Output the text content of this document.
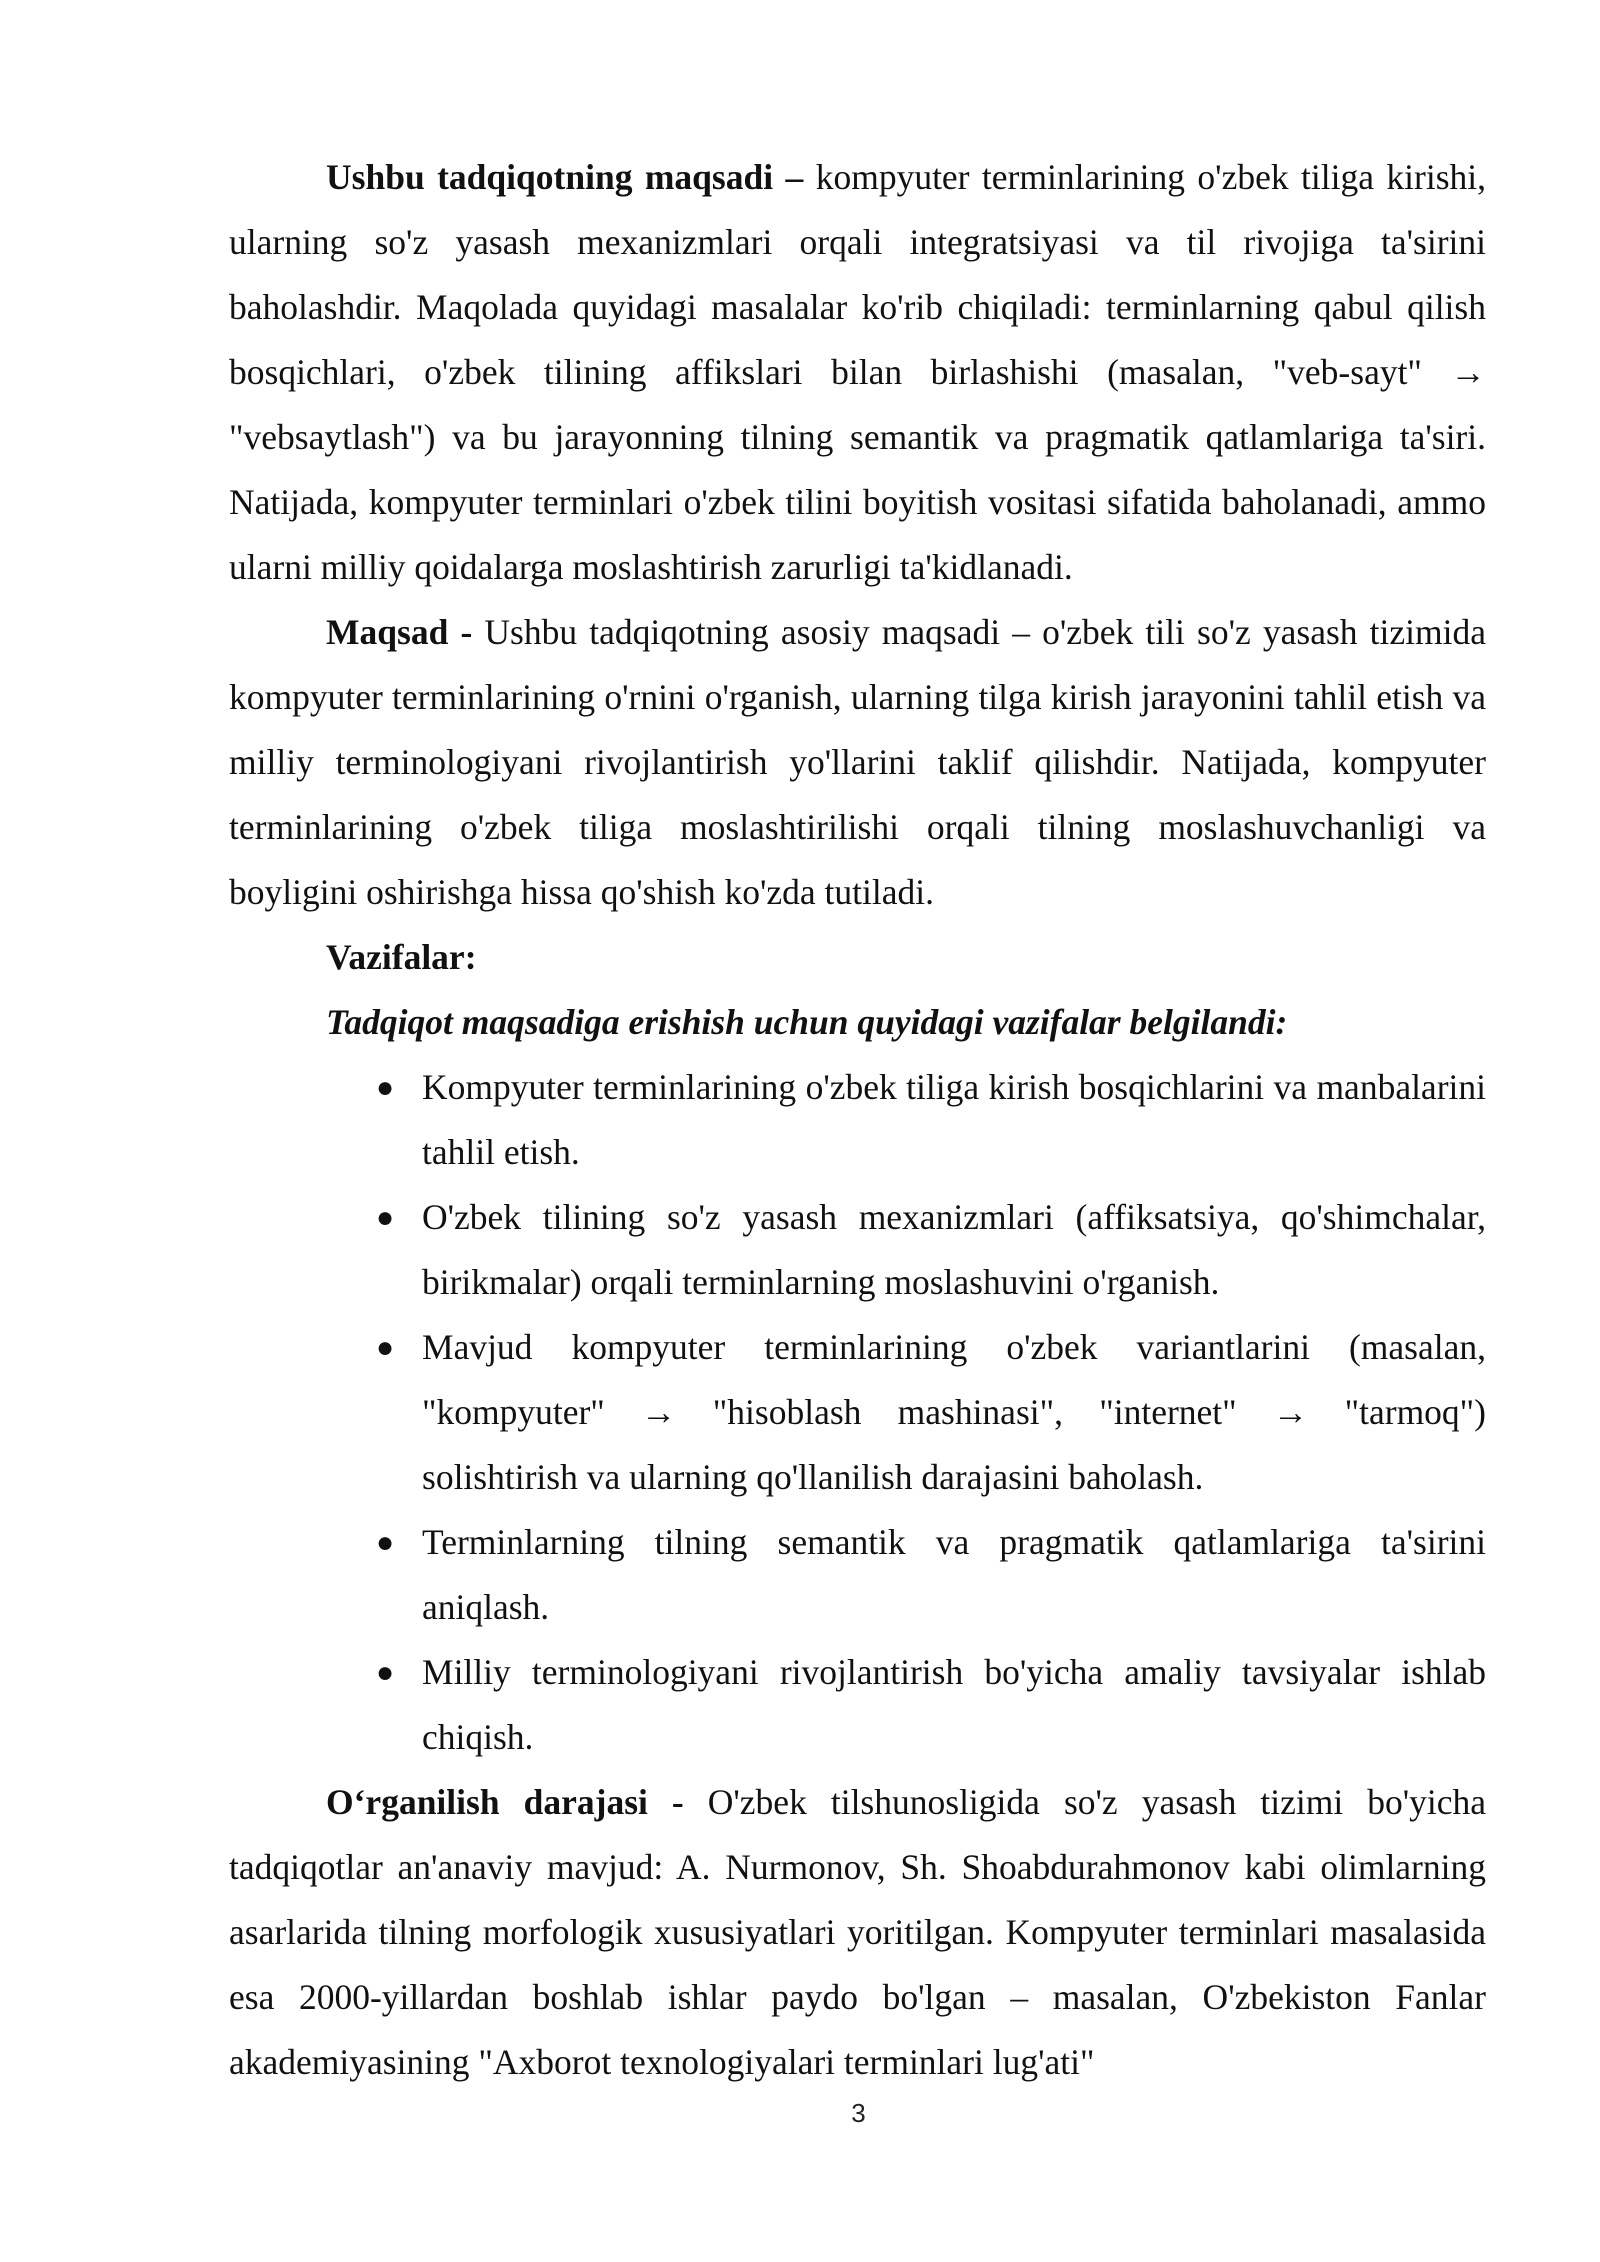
Ushbu tadqiqotning maqsadi – kompyuter terminlarining o'zbek tiliga kirishi, ularning so'z yasash mexanizmlari orqali integratsiyasi va til rivojiga ta'sirini baholashdir. Maqolada quyidagi masalalar ko'rib chiqiladi: terminlarning qabul qilish bosqichlari, o'zbek tilining affikslari bilan birlashishi (masalan, "veb-sayt" → "vebsaytlash") va bu jarayonning tilning semantik va pragmatik qatlamlariga ta'siri. Natijada, kompyuter terminlari o'zbek tilini boyitish vositasi sifatida baholanadi, ammo ularni milliy qoidalarga moslashtirish zarurligi ta'kidlanadi.

Maqsad - Ushbu tadqiqotning asosiy maqsadi – o'zbek tili so'z yasash tizimida kompyuter terminlarining o'rnini o'rganish, ularning tilga kirish jarayonini tahlil etish va milliy terminologiyani rivojlantirish yo'llarini taklif qilishdir. Natijada, kompyuter terminlarining o'zbek tiliga moslashtirilishi orqali tilning moslashuvchanligi va boyligini oshirishga hissa qo'shish ko'zda tutiladi.

Vazifalar:

Tadqiqot maqsadiga erishish uchun quyidagi vazifalar belgilandi:

● Kompyuter terminlarining o'zbek tiliga kirish bosqichlarini va manbalarini tahlil etish.
● O'zbek tilining so'z yasash mexanizmlari (affiksatsiya, qo'shimchalar, birikmalar) orqali terminlarning moslashuvini o'rganish.
● Mavjud kompyuter terminlarining o'zbek variantlarini (masalan, "kompyuter" → "hisoblash mashinasi", "internet" → "tarmoq") solishtirish va ularning qo'llanilish darajasini baholash.
● Terminlarning tilning semantik va pragmatik qatlamlariga ta'sirini aniqlash.
● Milliy terminologiyani rivojlantirish bo'yicha amaliy tavsiyalar ishlab chiqish.

O‘rganilish darajasi - O'zbek tilshunosligida so'z yasash tizimi bo'yicha tadqiqotlar an'anaviy mavjud: A. Nurmonov, Sh. Shoabdurahmonov kabi olimlarning asarlarida tilning morfologik xususiyatlari yoritilgan. Kompyuter terminlari masalasida esa 2000-yillardan boshlab ishlar paydo bo'lgan – masalan, O'zbekiston Fanlar akademiyasining "Axborot texnologiyalari terminlari lug'ati"

3
